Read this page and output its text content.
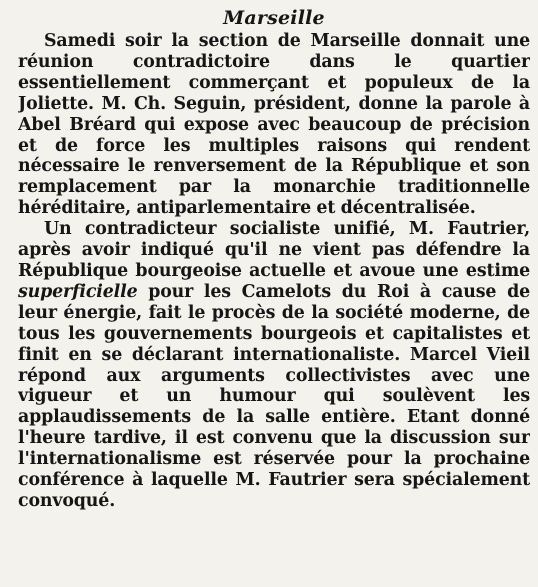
Marseille

Samedi soir la section de Marseille donnait une réunion contradictoire dans le quartier essentiellement commerçant et populeux de la Joliette. M. Ch. Seguin, président, donne la parole à Abel Bréard qui expose avec beaucoup de précision et de force les multiples raisons qui rendent nécessaire le renversement de la République et son remplacement par la monarchie traditionnelle héréditaire, antiparlementaire et décentralisée.

Un contradicteur socialiste unifié, M. Fautrier, après avoir indiqué qu'il ne vient pas défendre la République bourgeoise actuelle et avoue une estime superficielle pour les Camelots du Roi à cause de leur énergie, fait le procès de la société moderne, de tous les gouvernements bourgeois et capitalistes et finit en se déclarant internationaliste. Marcel Vieil répond aux arguments collectivistes avec une vigueur et un humour qui soulèvent les applaudissements de la salle entière. Etant donné l'heure tardive, il est convenu que la discussion sur l'internationalisme est réservée pour la prochaine conférence à laquelle M. Fautrier sera spécialement convoqué.
